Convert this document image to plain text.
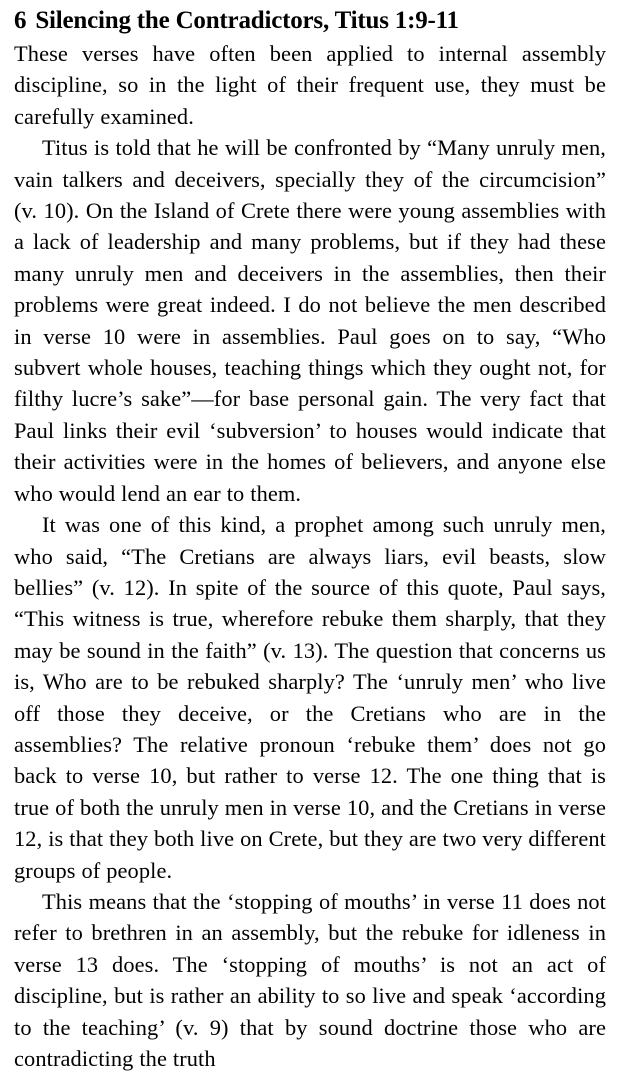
6 Silencing the Contradictors, Titus 1:9-11

These verses have often been applied to internal assembly discipline, so in the light of their frequent use, they must be carefully examined.

Titus is told that he will be confronted by “Many unruly men, vain talkers and deceivers, specially they of the circumcision” (v. 10). On the Island of Crete there were young assemblies with a lack of leadership and many problems, but if they had these many unruly men and deceivers in the assemblies, then their problems were great indeed. I do not believe the men described in verse 10 were in assemblies. Paul goes on to say, “Who subvert whole houses, teaching things which they ought not, for filthy lucre’s sake”—for base personal gain. The very fact that Paul links their evil ‘subversion’ to houses would indicate that their activities were in the homes of believers, and anyone else who would lend an ear to them.

It was one of this kind, a prophet among such unruly men, who said, “The Cretians are always liars, evil beasts, slow bellies” (v. 12). In spite of the source of this quote, Paul says, “This witness is true, wherefore rebuke them sharply, that they may be sound in the faith” (v. 13). The question that concerns us is, Who are to be rebuked sharply? The ‘unruly men’ who live off those they deceive, or the Cretians who are in the assemblies? The relative pronoun ‘rebuke them’ does not go back to verse 10, but rather to verse 12. The one thing that is true of both the unruly men in verse 10, and the Cretians in verse 12, is that they both live on Crete, but they are two very different groups of people.

This means that the ‘stopping of mouths’ in verse 11 does not refer to brethren in an assembly, but the rebuke for idleness in verse 13 does. The ‘stopping of mouths’ is not an act of discipline, but is rather an ability to so live and speak ‘according to the teaching’ (v. 9) that by sound doctrine those who are contradicting the truth
